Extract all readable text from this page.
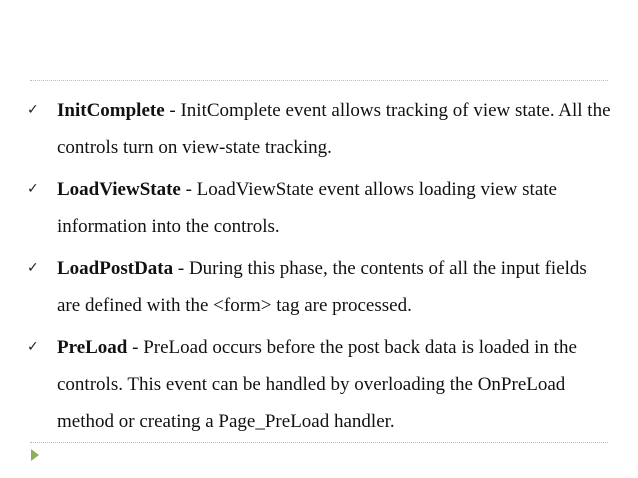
✓ InitComplete - InitComplete event allows tracking of view state. All the controls turn on view-state tracking.
✓ LoadViewState - LoadViewState event allows loading view state information into the controls.
✓ LoadPostData - During this phase, the contents of all the input fields are defined with the <form> tag are processed.
✓ PreLoad - PreLoad occurs before the post back data is loaded in the controls. This event can be handled by overloading the OnPreLoad method or creating a Page_PreLoad handler.
